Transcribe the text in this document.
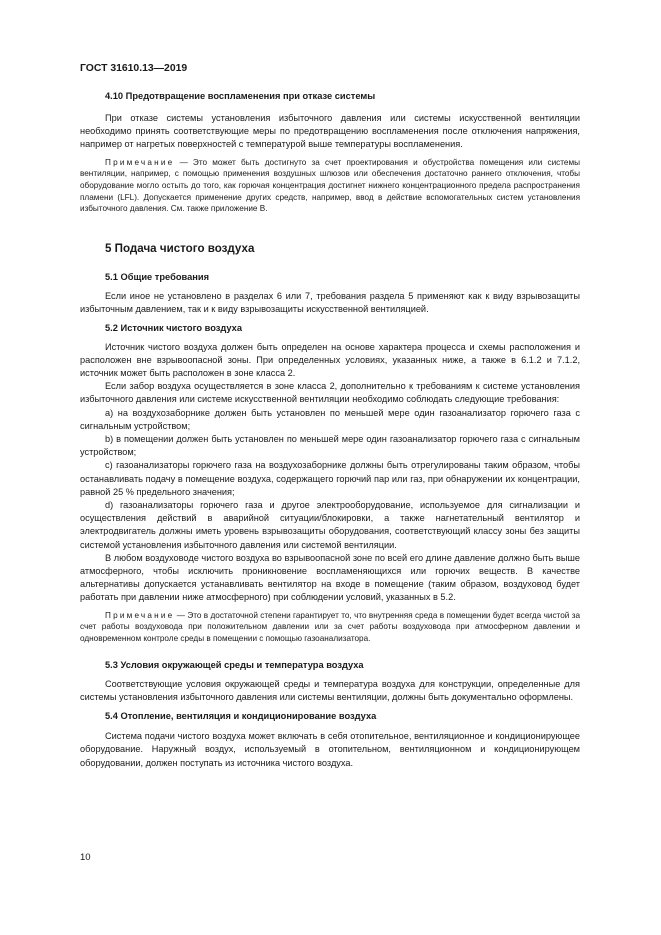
ГОСТ 31610.13—2019
4.10 Предотвращение воспламенения при отказе системы

При отказе системы установления избыточного давления или системы искусственной вентиляции необходимо принять соответствующие меры по предотвращению воспламенения после отключения напряжения, например от нагретых поверхностей с температурой выше температуры воспламенения.

Примечание — Это может быть достигнуто за счет проектирования и обустройства помещения или системы вентиляции, например, с помощью применения воздушных шлюзов или обеспечения достаточно раннего отключения, чтобы оборудование могло остыть до того, как горючая концентрация достигнет нижнего концентрационного предела распространения пламени (LFL). Допускается применение других средств, например, ввод в действие вспомогательных систем установления избыточного давления. См. также приложение В.

5 Подача чистого воздуха
5.1 Общие требования

Если иное не установлено в разделах 6 или 7, требования раздела 5 применяют как к виду взрывозащиты избыточным давлением, так и к виду взрывозащиты искусственной вентиляцией.

5.2 Источник чистого воздуха

Источник чистого воздуха должен быть определен на основе характера процесса и схемы расположения и расположен вне взрывоопасной зоны. При определенных условиях, указанных ниже, а также в 6.1.2 и 7.1.2, источник может быть расположен в зоне класса 2.

Если забор воздуха осуществляется в зоне класса 2, дополнительно к требованиям к системе установления избыточного давления или системе искусственной вентиляции необходимо соблюдать следующие требования:

a) на воздухозаборнике должен быть установлен по меньшей мере один газоанализатор горючего газа с сигнальным устройством;

b) в помещении должен быть установлен по меньшей мере один газоанализатор горючего газа с сигнальным устройством;

c) газоанализаторы горючего газа на воздухозаборнике должны быть отрегулированы таким образом, чтобы останавливать подачу в помещение воздуха, содержащего горючий пар или газ, при обнаружении их концентрации, равной 25 % предельного значения;

d) газоанализаторы горючего газа и другое электрооборудование, используемое для сигнализации и осуществления действий в аварийной ситуации/блокировки, а также нагнетательный вентилятор и электродвигатель должны иметь уровень взрывозащиты оборудования, соответствующий классу зоны без защиты системой установления избыточного давления или системой вентиляции.

В любом воздуховоде чистого воздуха во взрывоопасной зоне по всей его длине давление должно быть выше атмосферного, чтобы исключить проникновение воспламеняющихся или горючих веществ. В качестве альтернативы допускается устанавливать вентилятор на входе в помещение (таким образом, воздуховод будет работать при давлении ниже атмосферного) при соблюдении условий, указанных в 5.2.

Примечание — Это в достаточной степени гарантирует то, что внутренняя среда в помещении будет всегда чистой за счет работы воздуховода при положительном давлении или за счет работы воздуховода при атмосферном давлении и одновременном контроле среды в помещении с помощью газоанализатора.

5.3 Условия окружающей среды и температура воздуха

Соответствующие условия окружающей среды и температура воздуха для конструкции, определенные для системы установления избыточного давления или системы вентиляции, должны быть документально оформлены.

5.4 Отопление, вентиляция и кондиционирование воздуха

Система подачи чистого воздуха может включать в себя отопительное, вентиляционное и кондиционирующее оборудование. Наружный воздух, используемый в отопительном, вентиляционном и кондиционирующем оборудовании, должен поступать из источника чистого воздуха.

10
